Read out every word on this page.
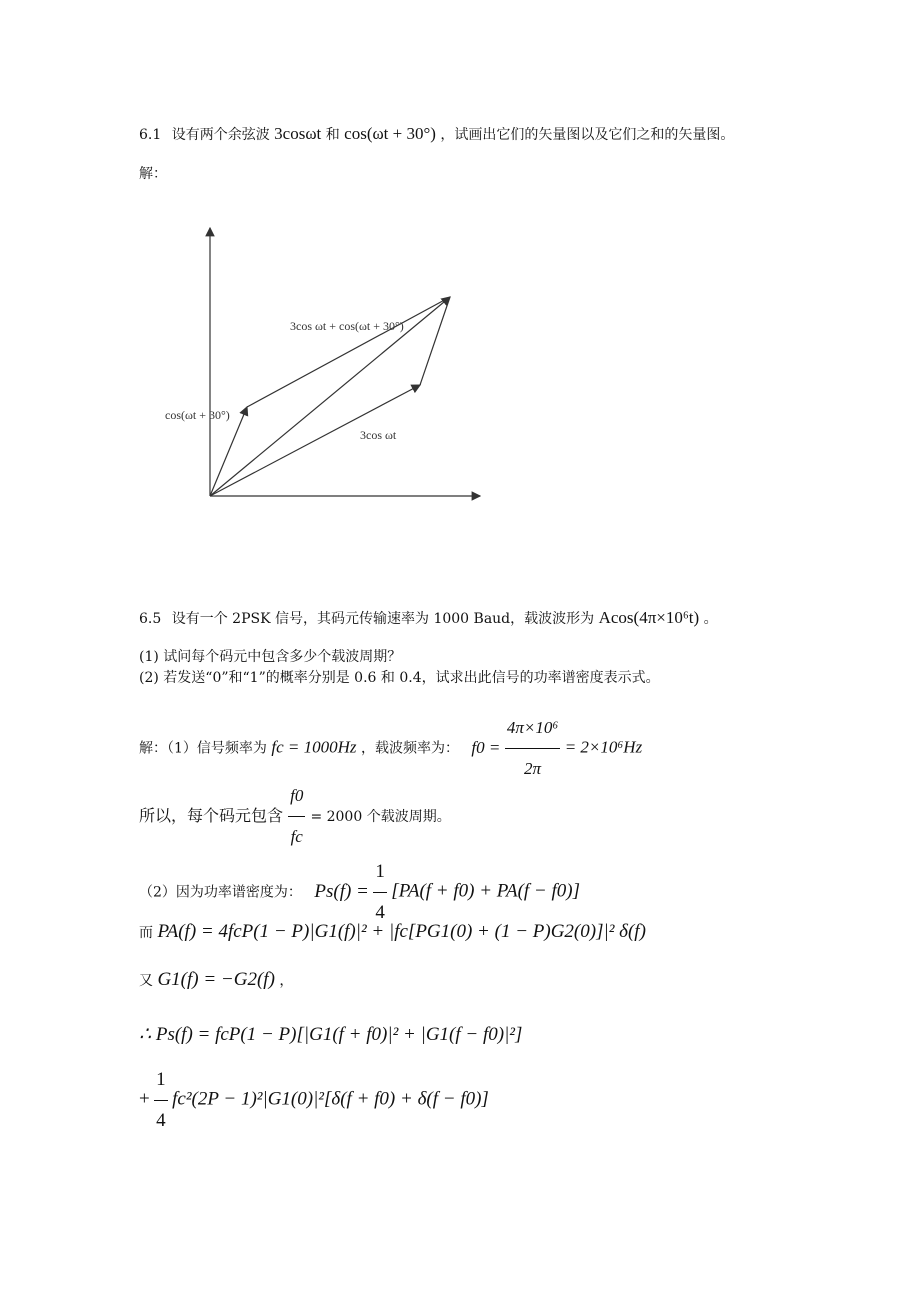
6.1 设有两个余弦波 3cosωt 和 cos(ωt + 30°) ，试画出它们的矢量图以及它们之和的矢量图。
解：
3cos ωt + cos(ωt + 30°)
cos(ωt + 30°)
3cos ωt
6.5 设有一个 2PSK 信号，其码元传输速率为 1000 Baud，载波波形为 Acos(4π×10⁶t) 。
(1) 试问每个码元中包含多少个载波周期？
(2) 若发送“0”和“1”的概率分别是 0.6 和 0.4，试求出此信号的功率谱密度表示式。
解：（1）信号频率为 fc = 1000Hz ，载波频率为： $f0 = \frac{\text{4π×10⁶}}{2\pi} = 2\times 10^6Hz$
所以，每个码元包含 $\frac{f0}{fc} = 2000$ 个载波周期。
（2）因为功率谱密度为： $Ps(f) = \frac{1}{4} [PA(f + f0) + PA(f - f0)]$
而 PA(f) = 4fcP(1 − P)|G1(f)|² + |fc[PG1(0) + (1 − P)G2(0)]|² δ(f)
又 G1(f) = −G2(f) ，
∴ Ps(f) = fcP(1 − P)[|G1(f + f0)|² + |G1(f − f0)|²]
+ $\frac{1}{4} fc^2(2P - 1)^2|G1(0)|^2[\delta(f + f0) + \delta(f - f0)]$
